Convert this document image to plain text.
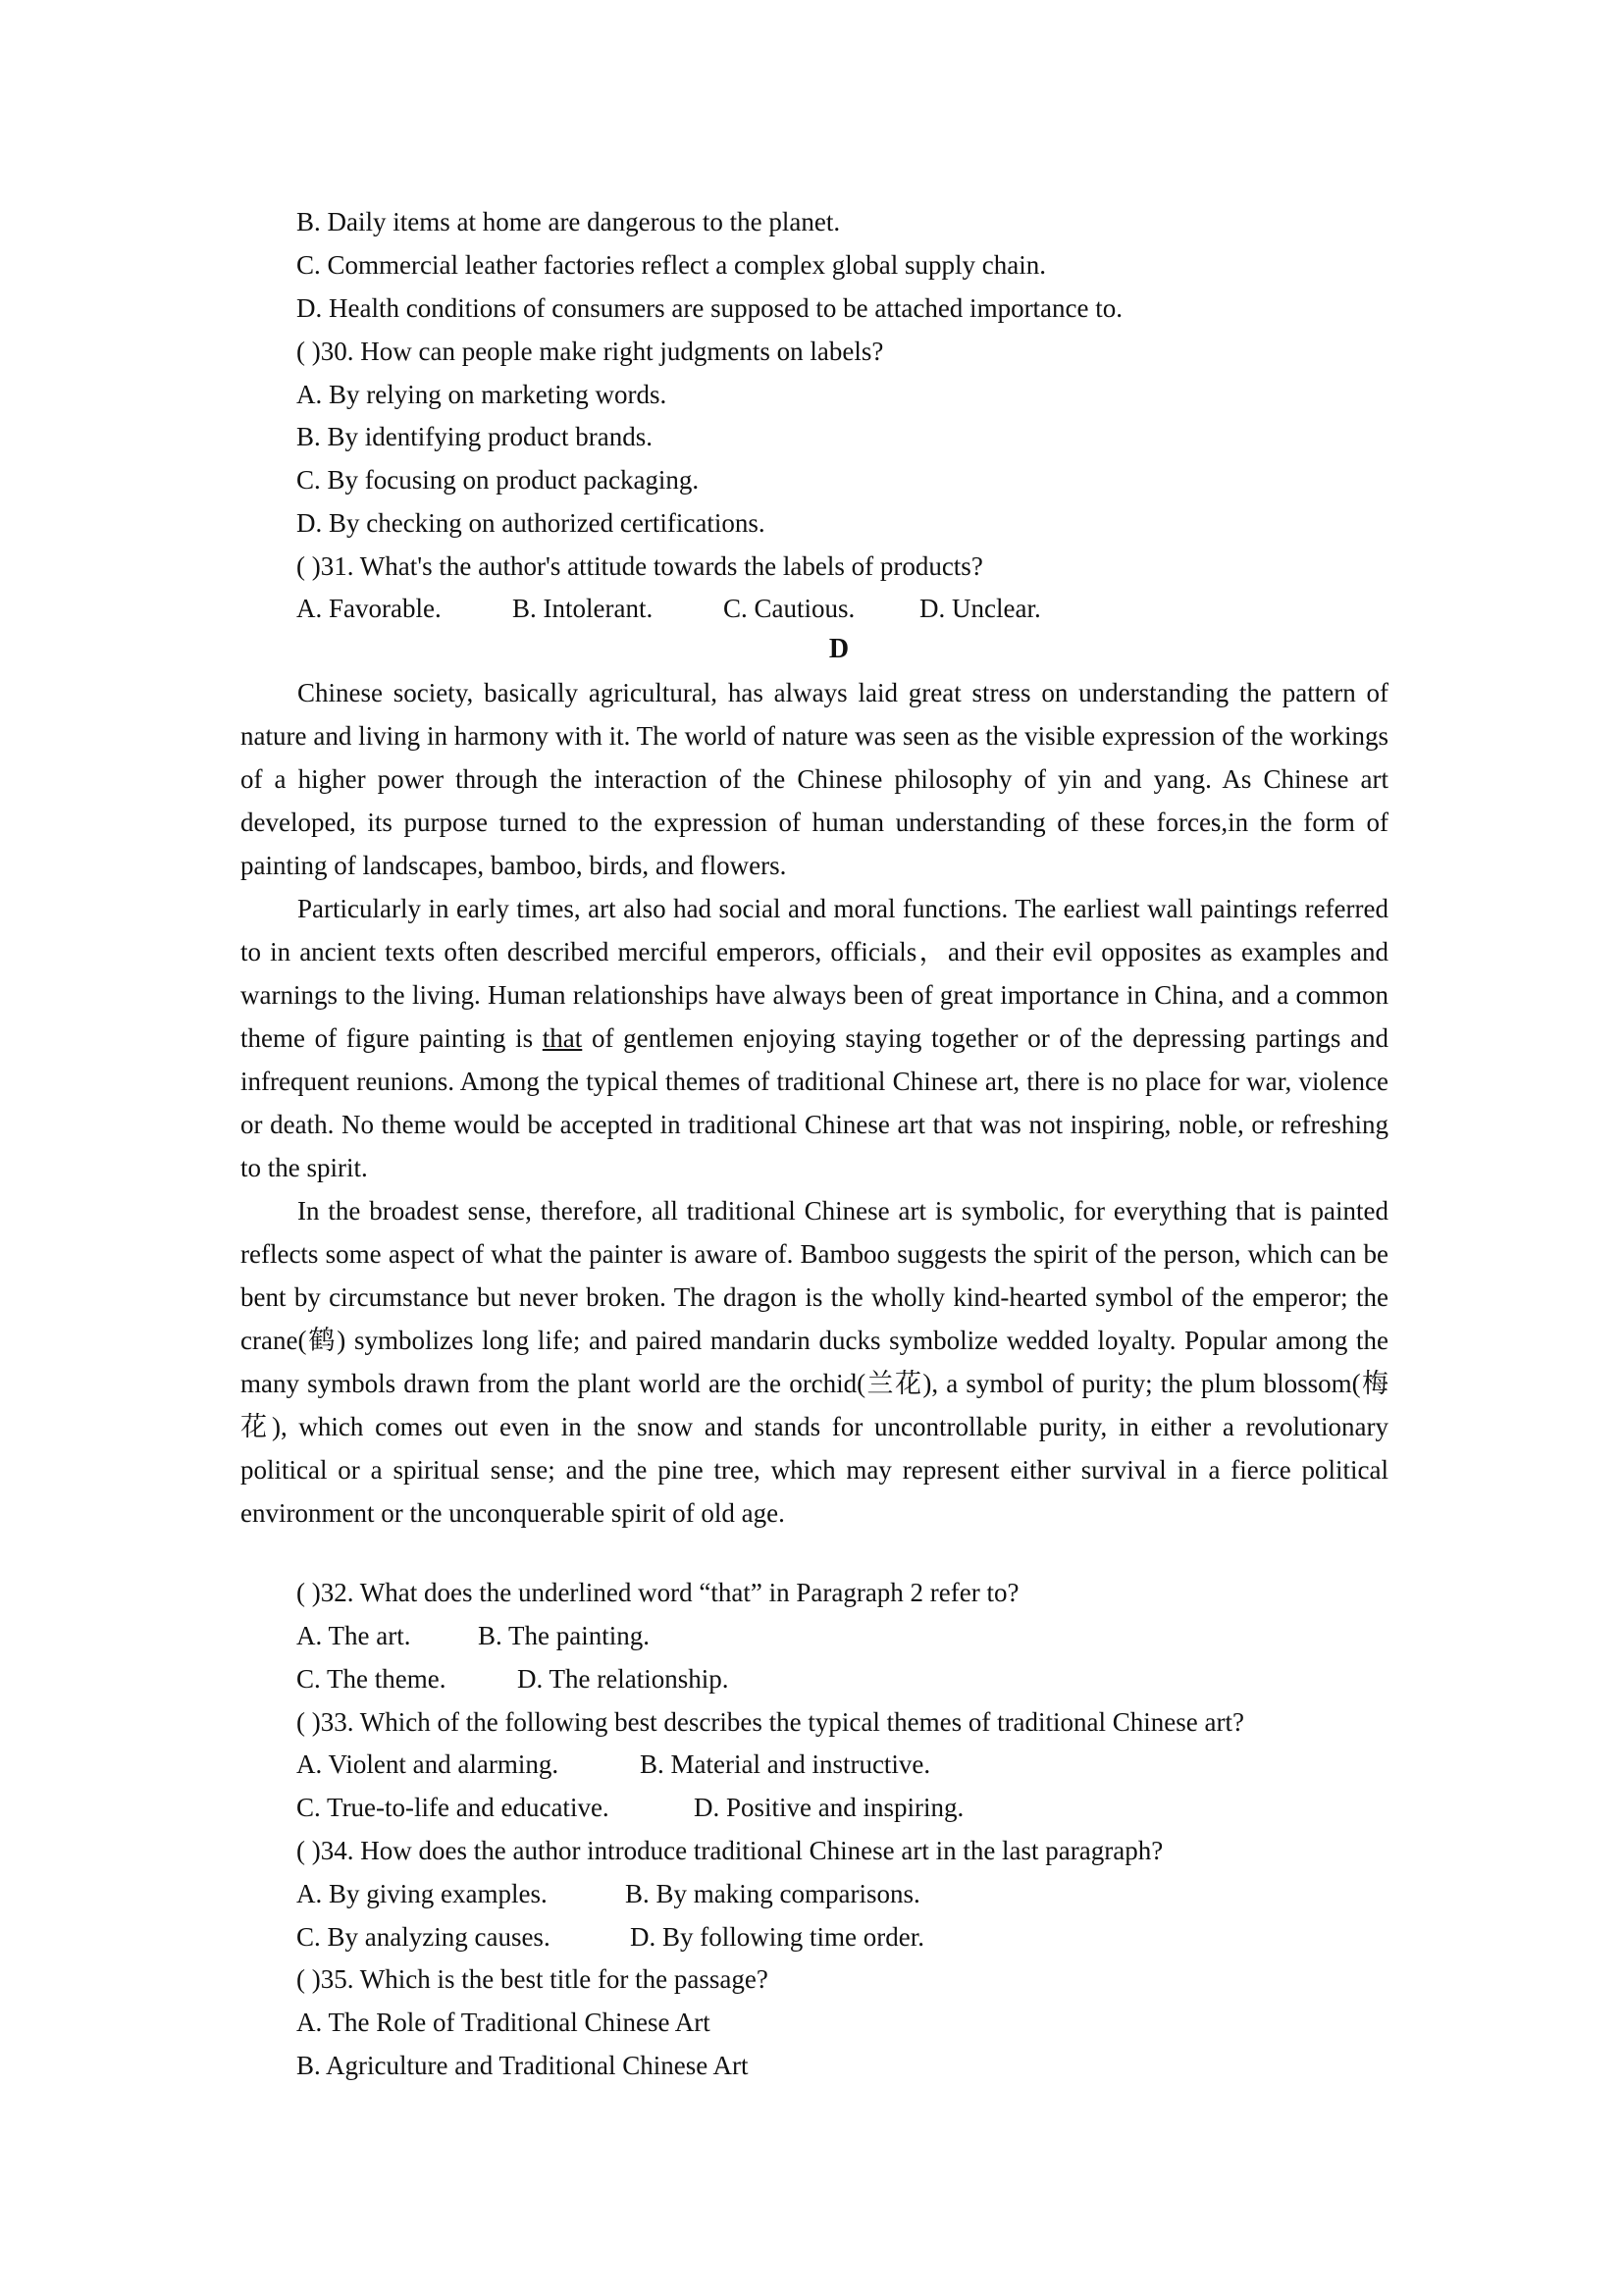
B. Daily items at home are dangerous to the planet.
C. Commercial leather factories reflect a complex global supply chain.
D. Health conditions of consumers are supposed to be attached importance to.
( )30. How can people make right judgments on labels?
A. By relying on marketing words.
B. By identifying product brands.
C. By focusing on product packaging.
D. By checking on authorized certifications.
( )31. What's the author's attitude towards the labels of products?
A. Favorable.	B. Intolerant.	C. Cautious. D. Unclear.
D

Chinese society, basically agricultural, has always laid great stress on understanding the pattern of nature and living in harmony with it. The world of nature was seen as the visible expression of the workings of a higher power through the interaction of the Chinese philosophy of yin and yang. As Chinese art developed, its purpose turned to the expression of human understanding of these forces,in the form of painting of landscapes, bamboo, birds, and flowers.

Particularly in early times, art also had social and moral functions. The earliest wall paintings referred to in ancient texts often described merciful emperors, officials，and their evil opposites as examples and warnings to the living. Human relationships have always been of great importance in China, and a common theme of figure painting is that of gentlemen enjoying staying together or of the depressing partings and infrequent reunions. Among the typical themes of traditional Chinese art, there is no place for war, violence or death. No theme would be accepted in traditional Chinese art that was not inspiring, noble, or refreshing to the spirit.

In the broadest sense, therefore, all traditional Chinese art is symbolic, for everything that is painted reflects some aspect of what the painter is aware of. Bamboo suggests the spirit of the person, which can be bent by circumstance but never broken. The dragon is the wholly kind-hearted symbol of the emperor; the crane(鹤) symbolizes long life; and paired mandarin ducks symbolize wedded loyalty. Popular among the many symbols drawn from the plant world are the orchid(兰花), a symbol of purity; the plum blossom(梅花), which comes out even in the snow and stands for uncontrollable purity, in either a revolutionary political or a spiritual sense; and the pine tree, which may represent either survival in a fierce political environment or the unconquerable spirit of old age.

( )32. What does the underlined word “that” in Paragraph 2 refer to?
A. The art.	B. The painting.
C. The theme.	D. The relationship.
( )33. Which of the following best describes the typical themes of traditional Chinese art?
A. Violent and alarming.	B. Material and instructive.
C. True-to-life and educative.	D. Positive and inspiring.
( )34. How does the author introduce traditional Chinese art in the last paragraph?
A. By giving examples.	B. By making comparisons.
C. By analyzing causes.	D. By following time order.
( )35. Which is the best title for the passage?
A. The Role of Traditional Chinese Art
B. Agriculture and Traditional Chinese Art
